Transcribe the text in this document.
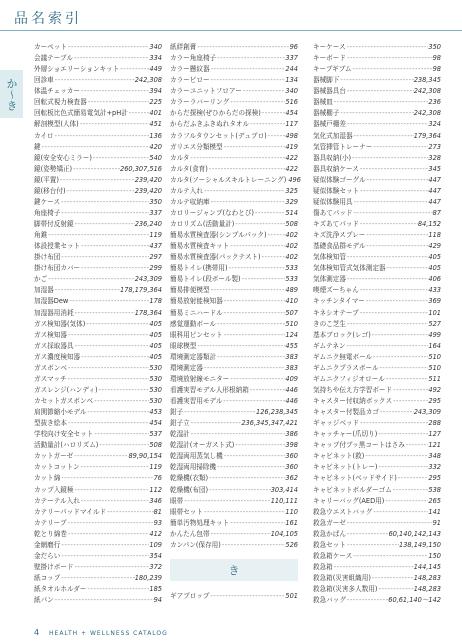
品名索引
か〜き
カーペット -----	340
会議テーブル -----	334
外層ショエリーションキット -----	449
回診車 -----	242,308
体温チェッカー -----	394
回転式視力検査器 -----	225
回転板比色式簡易電気計+pH計 -----	401
解剖模型(人体) -----	451
カイロ -----	136
鍵 -----	420
鏡(安全安心ミラー) -----	540
鏡(姿勢矯正) -----	260,307,516
鏡(平置) -----	239,420
鏡(移台付) -----	239,420
鍵ケース -----	350
角座椅子 -----	337
脚帯付反射鏡 -----	236,240
角錐 -----	119
体設授業セット -----	437
掛け布団 -----	297
掛け布団カバー -----	299
かご -----	243,309
加湿器 -----	178,179,364
加湿器Dew -----	178
加湿器用消耗 -----	178,364
ガス検知器(気体) -----	405
ガス検知器 -----	405
ガス採取器具 -----	405
ガス濃度検知器 -----	405
ガスボンベ -----	530
ガスマッチ -----	530
ガスレンジ(ハンディ) -----	530
カセットガスボンベ -----	530
肩関節縮小モデル -----	453
型抜き絵本 -----	454
学校向け安全セット -----	537
活動量計(ハロリズム) -----	508
カットガーゼ -----	89,90,154
カットコットン -----	119
カット綿 -----	76
カップ入鏡極 -----	112
カテーテル入れ -----	346
カテリーパッドマイルド -----	81
カテリープ -----	93
乾とり綿巻 -----	412
金網磨行 -----	109
金だらい -----	354
壁掛けボード -----	372
紙コップ -----	180,239
紙タオルホルダー -----	185
紙パン -----	94
紙絆創膏 -----	96
カラー角座椅子 -----	337
カラー懸紋器 -----	244
カラービロー -----	134
カラーユニットフロアー -----	340
カラーラバーリング -----	516
からだ探検(ぜひからだの探検) -----	454
からだふきふきぬれタオル -----	117
カラフルタウンセット(デュプロ) -----	498
ガリエス分類模型 -----	419
カルタ -----	422
カルタ(食育) -----	422
カルタ(ソーシャルスキルトレーニング) ----- 496
カルテ入れ -----	325
カルテ収納庫 -----	329
カロリージャンプ(なわとび) -----	514
カロリズム(活動量計) -----	508
簡易水質検査器(シンプルパック) -----	402
簡易水質検査キット -----	402
簡易水質検査器(パックテスト) -----	402
簡易トイレ(携帯用) -----	533
簡易トイレ(段ボール製) -----	533
簡易排便模型 -----	489
簡易放射能検知器 -----	410
簡易ミニハードル -----	507
感覚運動ボール -----	510
眼科用ピンセット -----	124
眼球模型 -----	455
環境測定器類計 -----	383
環境測定器 -----	383
環境放射線モニター -----	409
看護実習モデル人形根納箱 -----	446
看護実習用モデル -----	446
鉗子 -----	126,238,345
鉗子立 -----	236,345,347,421
乾湿計 -----	386
乾湿計(オーガスト式) -----	398
乾湿両用蒸気し機 -----	360
乾湿両用掃除機 -----	360
乾燥機(衣類) -----	362
乾燥機(布団) -----	303,414
眼帯 -----	110,111
眼帯セット -----	110
簡単汚物処理キット -----	161
かんたん包帯 -----	104,105
カンパン(保存用) -----	526
き
ギアプロップ -----	501
キーケース -----	350
キーボード -----	98
キープギブム -----	98
器械脚下 -----	238,345
器械器具台 -----	242,308
器械皿 -----	236
器械棚子 -----	242,308
器械戸棚差 -----	324
気化式加湿器 -----	179,364
気管挿管トレーナー -----	273
器具収納(小) -----	328
器具収納ケース -----	345
疑似体験ゴーグル -----	447
疑似体験セット -----	447
疑似体験用具 -----	447
傷あてパッド -----	87
キズあてパッド -----	84,152
キズ洗浄スプレー -----	118
基礎食品群モデル -----	429
気体検知管 -----	405
気体検知管式気体測定器 -----	405
気体測定器 -----	406
喫煙ズーちゃん -----	433
キッチンタイマー -----	369
キネシオテープ -----	101
きのこ芝生 -----	527
基本ブロック(レゴ) -----	499
ギムテネン -----	164
ギムニク無電ボール -----	510
ギムニクプラスボール -----	510
ギムニクフィジオロール -----	511
気持ちや伝え方学習ボード -----	492
キャスター付収納ボックス -----	295
キャスター付製品カゴ -----	243,309
ギャッジベッド -----	288
キャッチャー(爪切り) -----	127
キャップ付ブッ黒コートはさみ -----	121
キャビネット(救) -----	348
キャビネット(トレー) -----	332
キャビネット(ベッドサイド) -----	295
キャビネットボルダーゴム -----	538
キャリーバッグ(AED用) -----	265
救急ウエストバッグ -----	141
救急ガーゼ -----	91
救急かばん -----	60,140,142,143
救急セット -----	138,149,150
救急箱ケース -----	150
救急箱 -----	144,145
救急箱(災害組織用) -----	148,283
救急箱(災害多人数用) -----	148,283
救急バッグ -----	60,61,140〜142
4 HEALTH + WELLNESS CATALOG
